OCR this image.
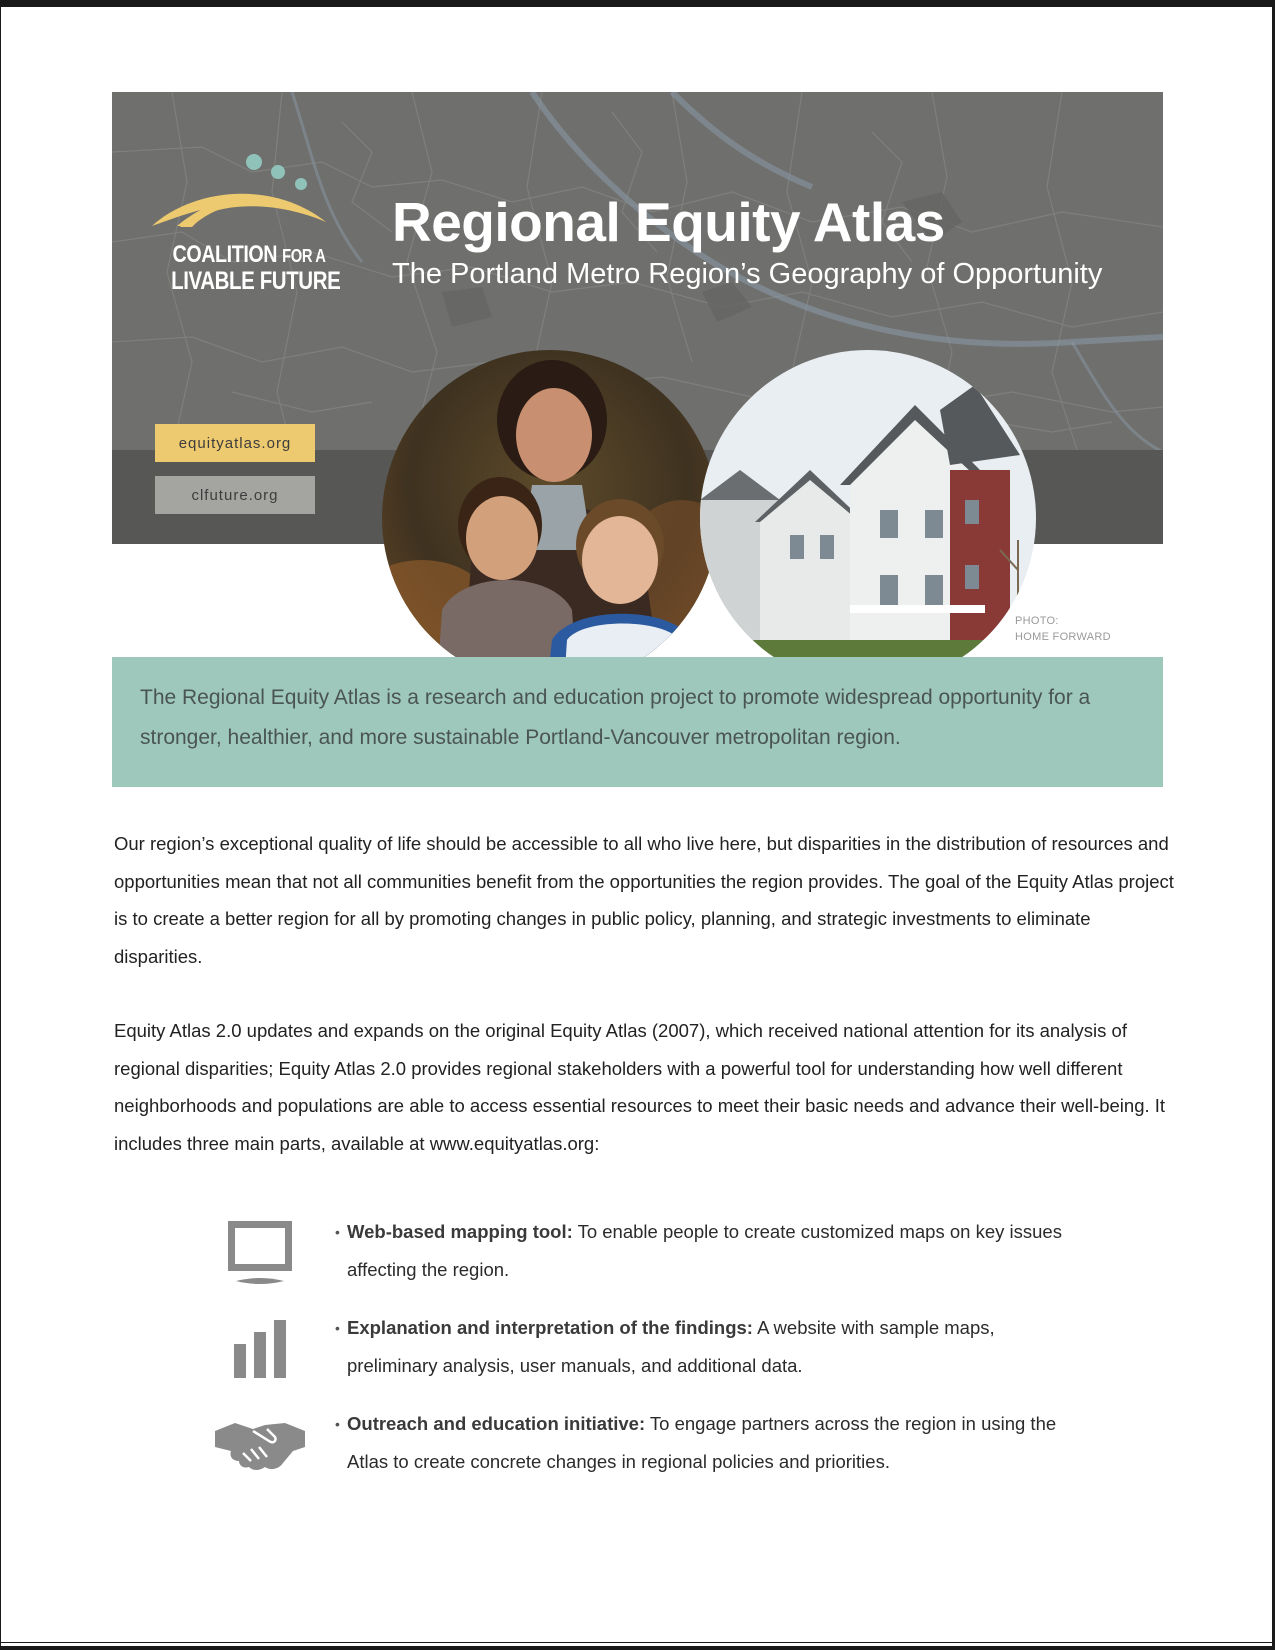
COALITION FOR A
LIVABLE FUTURE
Regional Equity Atlas

The Portland Metro Region’s Geography of Opportunity

equityatlas.org
clfuture.org
PHOTO:
HOME FORWARD

The Regional Equity Atlas is a research and education project to promote widespread opportunity for a stronger, healthier, and more sustainable Portland-Vancouver metropolitan region.

Our region’s exceptional quality of life should be accessible to all who live here, but disparities in the distribution of resources and opportunities mean that not all communities benefit from the opportunities the region provides. The goal of the Equity Atlas project is to create a better region for all by promoting changes in public policy, planning, and strategic investments to eliminate disparities.

Equity Atlas 2.0 updates and expands on the original Equity Atlas (2007), which received national attention for its analysis of regional disparities; Equity Atlas 2.0 provides regional stakeholders with a powerful tool for understanding how well different neighborhoods and populations are able to access essential resources to meet their basic needs and advance their well-being. It includes three main parts, available at www.equityatlas.org:

• Web-based mapping tool: To enable people to create customized maps on key issues affecting the region.
• Explanation and interpretation of the findings: A website with sample maps, preliminary analysis, user manuals, and additional data.
• Outreach and education initiative: To engage partners across the region in using the Atlas to create concrete changes in regional policies and priorities.
